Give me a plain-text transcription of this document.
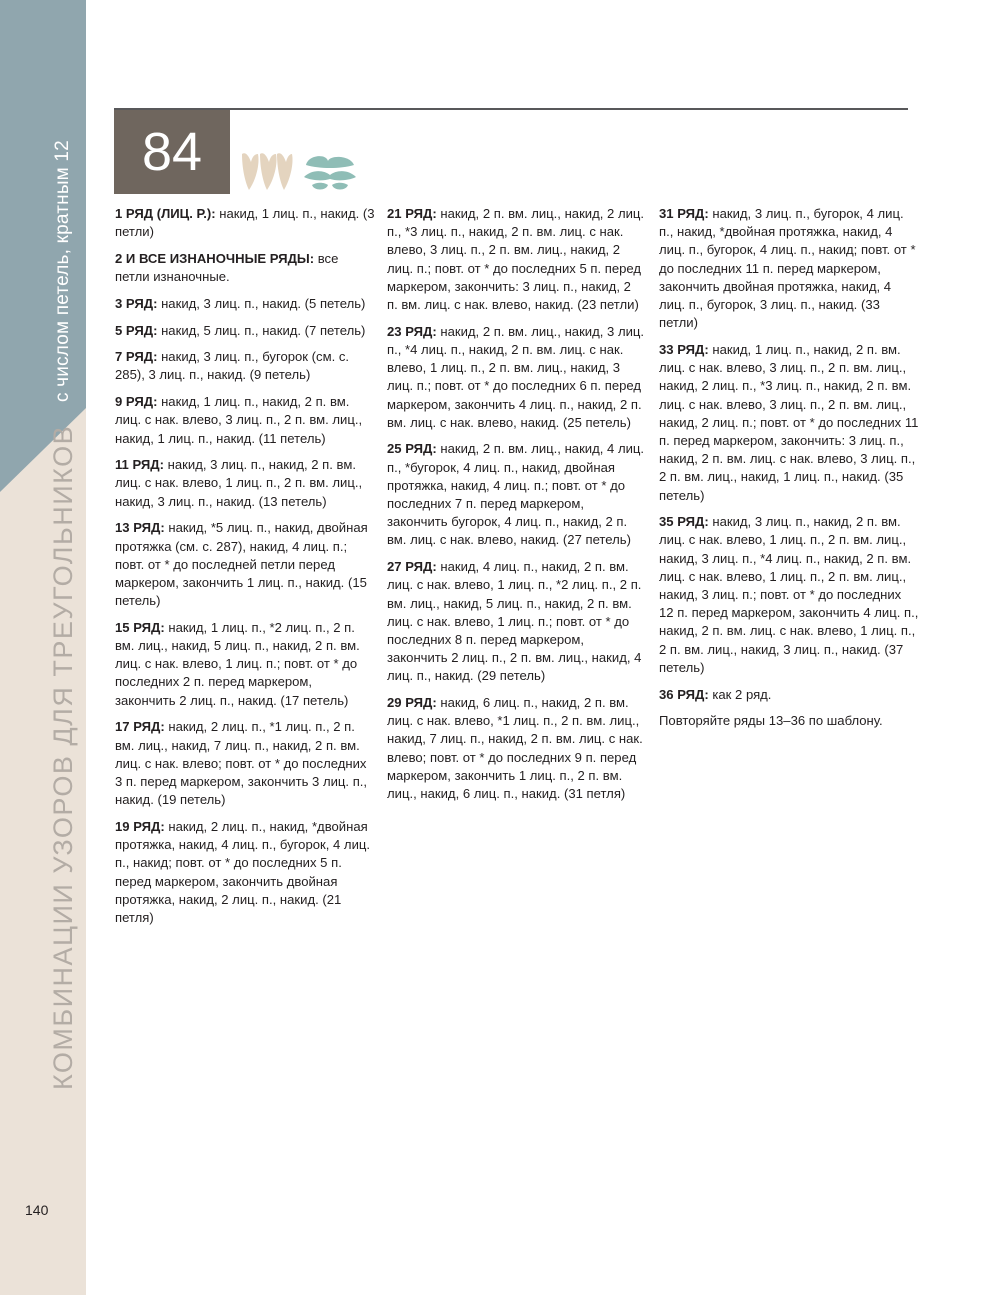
с числом петель, кратным 12
КОМБИНАЦИИ УЗОРОВ ДЛЯ ТРЕУГОЛЬНИКОВ
140
84

1 РЯД (ЛИЦ. Р.): накид, 1 лиц. п., накид. (3 петли)

2 И ВСЕ ИЗНАНОЧНЫЕ РЯДЫ: все петли изнаночные.

3 РЯД: накид, 3 лиц. п., накид. (5 петель)

5 РЯД: накид, 5 лиц. п., накид. (7 петель)

7 РЯД: накид, 3 лиц. п., бугорок (см. с. 285), 3 лиц. п., накид. (9 петель)

9 РЯД: накид, 1 лиц. п., накид, 2 п. вм. лиц. с нак. влево, 3 лиц. п., 2 п. вм. лиц., накид, 1 лиц. п., накид. (11 петель)

11 РЯД: накид, 3 лиц. п., накид, 2 п. вм. лиц. с нак. влево, 1 лиц. п., 2 п. вм. лиц., накид, 3 лиц. п., накид. (13 петель)

13 РЯД: накид, *5 лиц. п., накид, двойная протяжка (см. с. 287), накид, 4 лиц. п.; повт. от * до последней петли перед маркером, закончить 1 лиц. п., накид. (15 петель)

15 РЯД: накид, 1 лиц. п., *2 лиц. п., 2 п. вм. лиц., накид, 5 лиц. п., накид, 2 п. вм. лиц. с нак. влево, 1 лиц. п.; повт. от * до последних 2 п. перед маркером, закончить 2 лиц. п., накид. (17 петель)

17 РЯД: накид, 2 лиц. п., *1 лиц. п., 2 п. вм. лиц., накид, 7 лиц. п., накид, 2 п. вм. лиц. с нак. влево; повт. от * до последних 3 п. перед маркером, закончить 3 лиц. п., накид. (19 петель)

19 РЯД: накид, 2 лиц. п., накид, *двойная протяжка, накид, 4 лиц. п., бугорок, 4 лиц. п., накид; повт. от * до последних 5 п. перед маркером, закончить двойная протяжка, накид, 2 лиц. п., накид. (21 петля)

21 РЯД: накид, 2 п. вм. лиц., накид, 2 лиц. п., *3 лиц. п., накид, 2 п. вм. лиц. с нак. влево, 3 лиц. п., 2 п. вм. лиц., накид, 2 лиц. п.; повт. от * до последних 5 п. перед маркером, закончить: 3 лиц. п., накид, 2 п. вм. лиц. с нак. влево, накид. (23 петли)

23 РЯД: накид, 2 п. вм. лиц., накид, 3 лиц. п., *4 лиц. п., накид, 2 п. вм. лиц. с нак. влево, 1 лиц. п., 2 п. вм. лиц., накид, 3 лиц. п.; повт. от * до последних 6 п. перед маркером, закончить 4 лиц. п., накид, 2 п. вм. лиц. с нак. влево, накид. (25 петель)

25 РЯД: накид, 2 п. вм. лиц., накид, 4 лиц. п., *бугорок, 4 лиц. п., накид, двойная протяжка, накид, 4 лиц. п.; повт. от * до последних 7 п. перед маркером, закончить бугорок, 4 лиц. п., накид, 2 п. вм. лиц. с нак. влево, накид. (27 петель)

27 РЯД: накид, 4 лиц. п., накид, 2 п. вм. лиц. с нак. влево, 1 лиц. п., *2 лиц. п., 2 п. вм. лиц., накид, 5 лиц. п., накид, 2 п. вм. лиц. с нак. влево, 1 лиц. п.; повт. от * до последних 8 п. перед маркером, закончить 2 лиц. п., 2 п. вм. лиц., накид, 4 лиц. п., накид. (29 петель)

29 РЯД: накид, 6 лиц. п., накид, 2 п. вм. лиц. с нак. влево, *1 лиц. п., 2 п. вм. лиц., накид, 7 лиц. п., накид, 2 п. вм. лиц. с нак. влево; повт. от * до последних 9 п. перед маркером, закончить 1 лиц. п., 2 п. вм. лиц., накид, 6 лиц. п., накид. (31 петля)

31 РЯД: накид, 3 лиц. п., бугорок, 4 лиц. п., накид, *двойная протяжка, накид, 4 лиц. п., бугорок, 4 лиц. п., накид; повт. от * до последних 11 п. перед маркером, закончить двойная протяжка, накид, 4 лиц. п., бугорок, 3 лиц. п., накид. (33 петли)

33 РЯД: накид, 1 лиц. п., накид, 2 п. вм. лиц. с нак. влево, 3 лиц. п., 2 п. вм. лиц., накид, 2 лиц. п., *3 лиц. п., накид, 2 п. вм. лиц. с нак. влево, 3 лиц. п., 2 п. вм. лиц., накид, 2 лиц. п.; повт. от * до последних 11 п. перед маркером, закончить: 3 лиц. п., накид, 2 п. вм. лиц. с нак. влево, 3 лиц. п., 2 п. вм. лиц., накид, 1 лиц. п., накид. (35 петель)

35 РЯД: накид, 3 лиц. п., накид, 2 п. вм. лиц. с нак. влево, 1 лиц. п., 2 п. вм. лиц., накид, 3 лиц. п., *4 лиц. п., накид, 2 п. вм. лиц. с нак. влево, 1 лиц. п., 2 п. вм. лиц., накид, 3 лиц. п.; повт. от * до последних 12 п. перед маркером, закончить 4 лиц. п., накид, 2 п. вм. лиц. с нак. влево, 1 лиц. п., 2 п. вм. лиц., накид, 3 лиц. п., накид. (37 петель)

36 РЯД: как 2 ряд.

Повторяйте ряды 13–36 по шаблону.
